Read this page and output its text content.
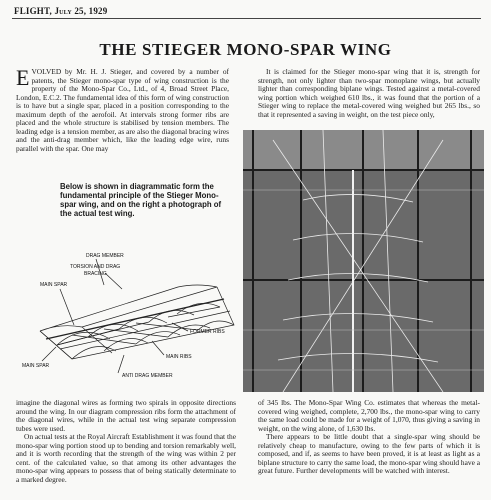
FLIGHT, July 25, 1929
THE STIEGER MONO-SPAR WING
E VOLVED by Mr. H. J. Stieger, and covered by a number of patents, the Stieger mono-spar type of wing construction is the property of the Mono-Spar Co., Ltd., of 4, Broad Street Place, London, E.C.2. The fundamental idea of this form of wing construction is to have but a single spar, placed in a position corresponding to the maximum depth of the aerofoil. At intervals strong former ribs are placed and the whole structure is stabilised by tension members. The leading edge is a tension member, as are also the diagonal bracing wires and the anti-drag member which, like the leading edge wire, runs parallel with the spar. One may

It is claimed for the Stieger mono-spar wing that it is, strength for strength, not only lighter than two-spar monoplane wings, but actually lighter than corresponding biplane wings. Tested against a metal-covered wing portion which weighed 610 lbs., it was found that the portion of a Stieger wing to replace the metal-covered wing weighed but 265 lbs., so that it represented a saving in weight, on the test piece only,

Below is shown in diagrammatic form the fundamental principle of the Stieger Mono-spar wing, and on the right a photograph of the actual test wing.
DRAG MEMBER
TORSION AND DRAG
BRACING
MAIN SPAR
FORMER RIBS
MAIN RIBS
MAIN SPAR
ANTI DRAG MEMBER

imagine the diagonal wires as forming two spirals in opposite directions around the wing. In our diagram compression ribs form the attachment of the diagonal wires, while in the actual test wing separate compression tubes were used.

On actual tests at the Royal Aircraft Establishment it was found that the mono-spar wing portion stood up to bending and torsion remarkably well, and it is worth recording that the strength of the wing was within 2 per cent. of the calculated value, so that among its other advantages the mono-spar wing appears to possess that of being statically determinate to a marked degree.

of 345 lbs. The Mono-Spar Wing Co. estimates that whereas the metal-covered wing weighed, complete, 2,700 lbs., the mono-spar wing to carry the same load could be made for a weight of 1,070, thus giving a saving in weight, on the wing alone, of 1,630 lbs.

There appears to be little doubt that a single-spar wing should be relatively cheap to manufacture, owing to the few parts of which it is composed, and if, as seems to have been proved, it is at least as light as a biplane structure to carry the same load, the mono-spar wing should have a great future. Further developments will be watched with interest.
